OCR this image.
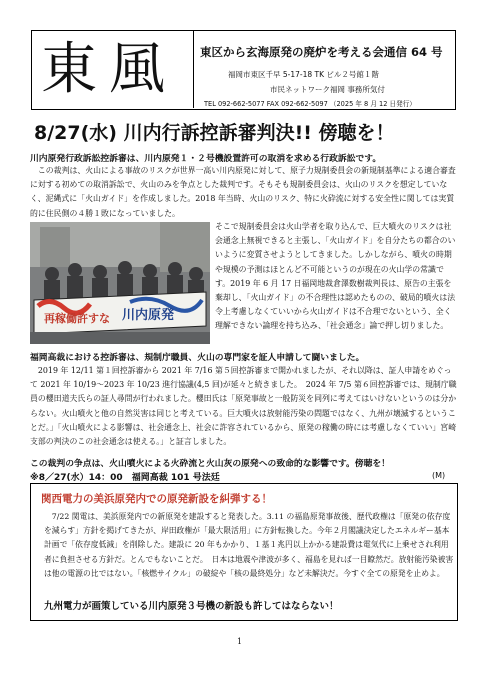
東風	東区から玄海原発の廃炉を考える会通信 64 号
福岡市東区千早 5-17-18 TK ビル２号館１階
市民ネットワーク福岡 事務所気付
TEL 092-662-5077 FAX 092-662-5097 （2025 年 8 月 12 日発行）
8/27(水) 川内行訴控訴審判決!! 傍聴を！
川内原発行政訴訟控訴審は、川内原発１・２号機設置許可の取消を求める行政訴訟です。

この裁判は、火山による事故のリスクが世界一高い川内原発に対して、原子力規制委員会の新規制基準による適合審査に対する初めての取消訴訟で、火山のみを争点とした裁判です。そもそも規制委員会は、火山のリスクを想定していなく、泥縄式に「火山ガイド」を作成しました。2018 年当時、火山のリスク、特に火砕流に対する安全性に関しては実質的に住民側の４勝１敗になっていました。

再稼働許すな 川内原発
そこで規制委員会は火山学者を取り込んで、巨大噴火のリスクは社会通念上無視できると主張し、「火山ガイド」を自分たちの都合のいいように変質させようとしてきました。しかしながら、噴火の時期や規模の予測はほとんど不可能というのが現在の火山学の常識です。2019 年 6 月 17 日福岡地裁倉澤数樹裁判長は、原告の主張を棄却し、「火山ガイド」の不合理性は認めたものの、破局的噴火は法令上考慮しなくていいから火山ガイドは不合理でないという、全く理解できない論理を持ち込み、「社会通念」論で押し切りました。
福岡高裁における控訴審は、規制庁職員、火山の専門家を証人申請して闘いました。

2019 年 12/11 第１回控訴審から 2021 年 7/16 第５回控訴審まで開かれましたが、それ以降は、証人申請をめぐって 2021 年 10/19～2023 年 10/23 進行協議(4,5 回)が延々と続きました。　2024 年 7/5 第６回控訴審では、規制庁職員の櫻田道夫氏らの証人尋問が行われました。櫻田氏は「原発事故と一般防災を同列に考えてはいけないというのは分からない。火山噴火と他の自然災害は同じと考えている。巨大噴火は放射能汚染の問題ではなく、九州が壊滅するということだ。」「火山噴火による影響は、社会通念上、社会に許容されているから、原発の稼働の時には考慮しなくていい」宮崎支部の判決のこの社会通念は使える。」と証言しました。

この裁判の争点は、火山噴火による火砕流と火山灰の原発への致命的な影響です。傍聴を！
※8／27(水）14：00　福岡高裁 101 号法廷	(M)
関西電力の美浜原発内での原発新設を糾弾する！

7/22 関電は、美浜原発内での新原発を建設すると発表した。3.11 の福島原発事故後、歴代政権は「原発の依存度を減らす」方針を掲げてきたが、岸田政権が「最大限活用」に方針転換した。今年２月閣議決定したエネルギー基本計画で「依存度低減」を削除した。建設に 20 年もかかり、１基１兆円以上かかる建設費は電気代に上乗せされ利用者に負担させる方針だ。とんでもないことだ。　日本は地震や津波が多く、福島を見れば一目瞭然だ。放射能汚染被害は他の電源の比ではない。「核燃サイクル」の破綻や「核の最終処分」など未解決だ。今すぐ全ての原発を止めよ。

九州電力が画策している川内原発３号機の新設も許してはならない！
1
